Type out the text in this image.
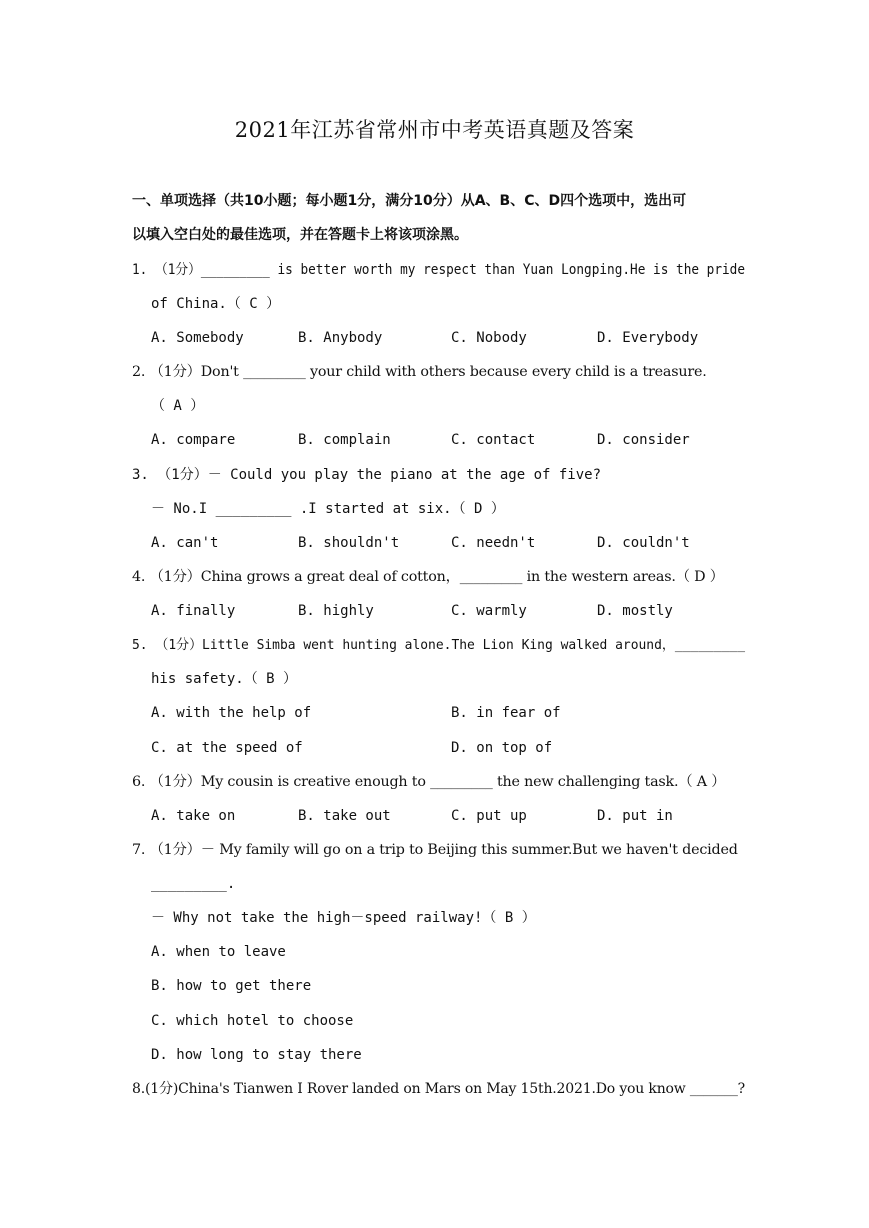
2021年江苏省常州市中考英语真题及答案
一、单项选择（共10小题；每小题1分，满分10分）从A、B、C、D四个选项中，选出可
以填入空白处的最佳选项，并在答题卡上将该项涂黑。
1. （1分）_________ is better worth my respect than Yuan Longping.He is the pride
of China.（ C ）
A. Somebody	B. Anybody	C. Nobody	D. Everybody
2. （1分）Don't _________ your child with others because every child is a treasure.
（ A ）
A. compare	B. complain	C. contact	D. consider
3. （1分）－ Could you play the piano at the age of five?
－ No.I _________ .I started at six.（ D ）
A. can't	B. shouldn't	C. needn't	D. couldn't
4. （1分）China grows a great deal of cotton，_________ in the western areas.（ D ）
A. finally	B. highly	C. warmly	D. mostly
5. （1分）Little Simba went hunting alone.The Lion King walked around，_________
his safety.（ B ）
A. with the help of	B. in fear of
C. at the speed of	D. on top of
6. （1分）My cousin is creative enough to _________ the new challenging task.（ A ）
A. take on	B. take out	C. put up	D. put in
7. （1分）－ My family will go on a trip to Beijing this summer.But we haven't decided
_________.
－ Why not take the high－speed railway!（ B ）
A. when to leave
B. how to get there
C. which hotel to choose
D. how long to stay there
8.(1分)China's Tianwen I Rover landed on Mars on May 15th.2021.Do you know _______?
